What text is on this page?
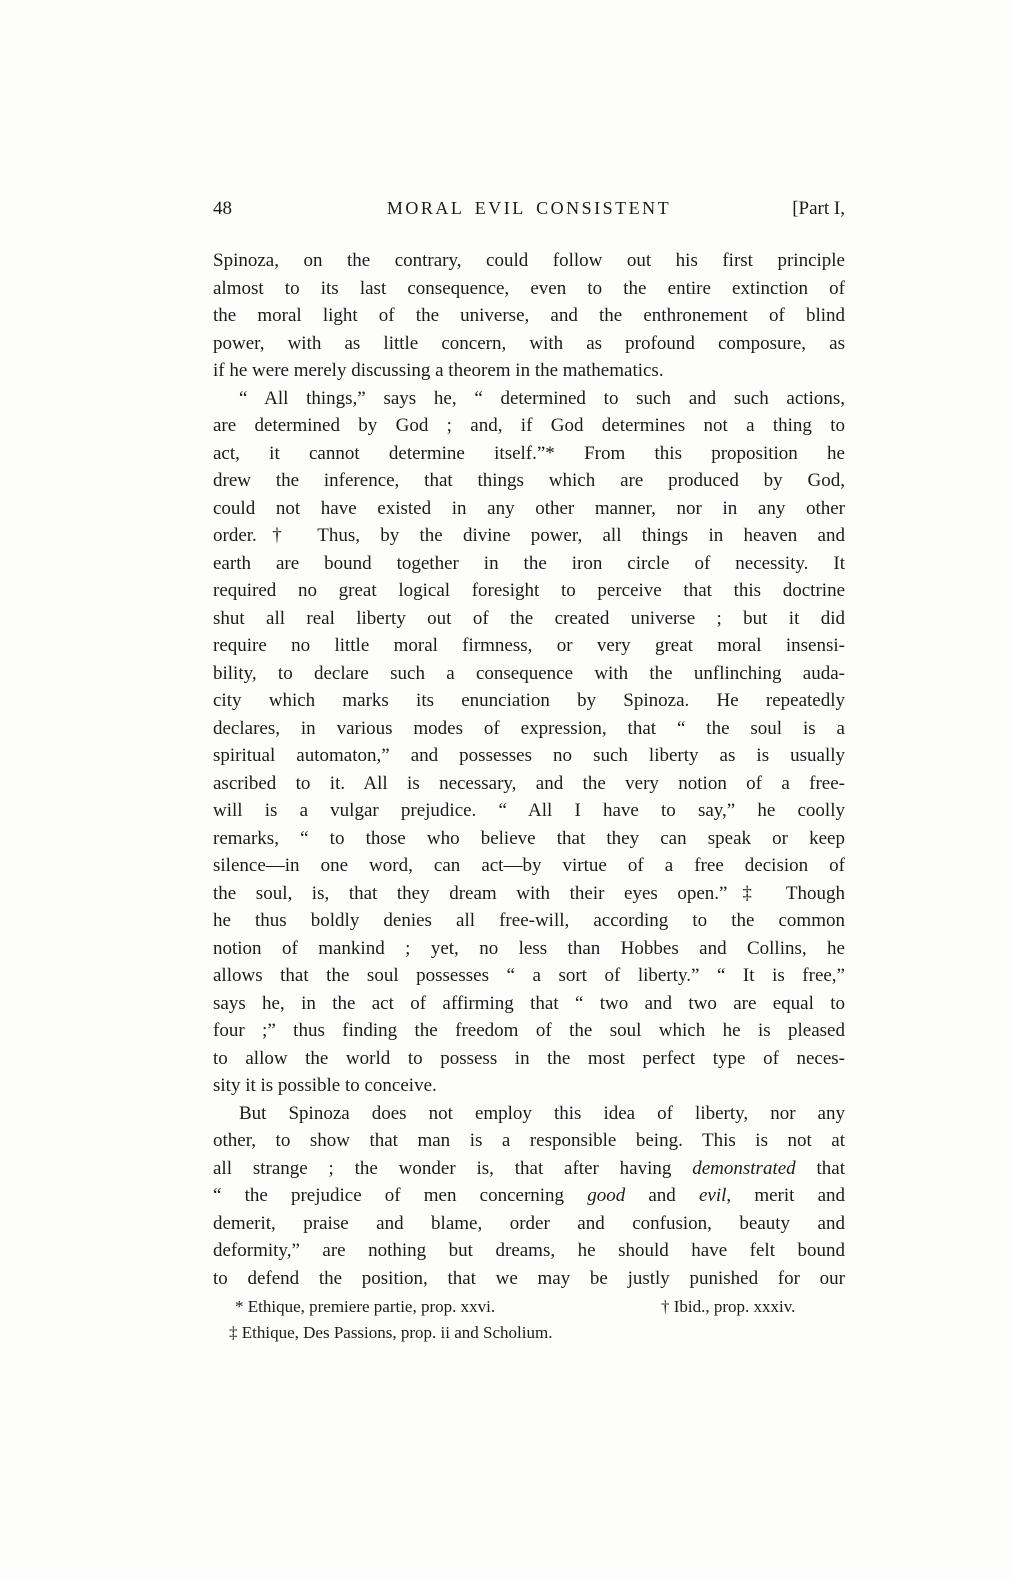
48	MORAL EVIL CONSISTENT	[Part I,
Spinoza, on the contrary, could follow out his first principle
almost to its last consequence, even to the entire extinction of
the moral light of the universe, and the enthronement of blind
power, with as little concern, with as profound composure, as
if he were merely discussing a theorem in the mathematics.
“ All things,” says he, “ determined to such and such actions,
are determined by God ; and, if God determines not a thing to
act, it cannot determine itself.”* From this proposition he
drew the inference, that things which are produced by God,
could not have existed in any other manner, nor in any other
order.† Thus, by the divine power, all things in heaven and
earth are bound together in the iron circle of necessity. It
required no great logical foresight to perceive that this doctrine
shut all real liberty out of the created universe ; but it did
require no little moral firmness, or very great moral insensi-
bility, to declare such a consequence with the unflinching auda-
city which marks its enunciation by Spinoza. He repeatedly
declares, in various modes of expression, that “ the soul is a
spiritual automaton,” and possesses no such liberty as is usually
ascribed to it. All is necessary, and the very notion of a free-
will is a vulgar prejudice. “ All I have to say,” he coolly
remarks, “ to those who believe that they can speak or keep
silence—in one word, can act—by virtue of a free decision of
the soul, is, that they dream with their eyes open.”‡ Though
he thus boldly denies all free-will, according to the common
notion of mankind ; yet, no less than Hobbes and Collins, he
allows that the soul possesses “ a sort of liberty.” “ It is free,”
says he, in the act of affirming that “ two and two are equal to
four ;” thus finding the freedom of the soul which he is pleased
to allow the world to possess in the most perfect type of neces-
sity it is possible to conceive.
But Spinoza does not employ this idea of liberty, nor any
other, to show that man is a responsible being. This is not at
all strange ; the wonder is, that after having demonstrated that
“ the prejudice of men concerning good and evil, merit and
demerit, praise and blame, order and confusion, beauty and
deformity,” are nothing but dreams, he should have felt bound
to defend the position, that we may be justly punished for our
* Ethique, premiere partie, prop. xxvi.	† Ibid., prop. xxxiv.
‡ Ethique, Des Passions, prop. ii and Scholium.
